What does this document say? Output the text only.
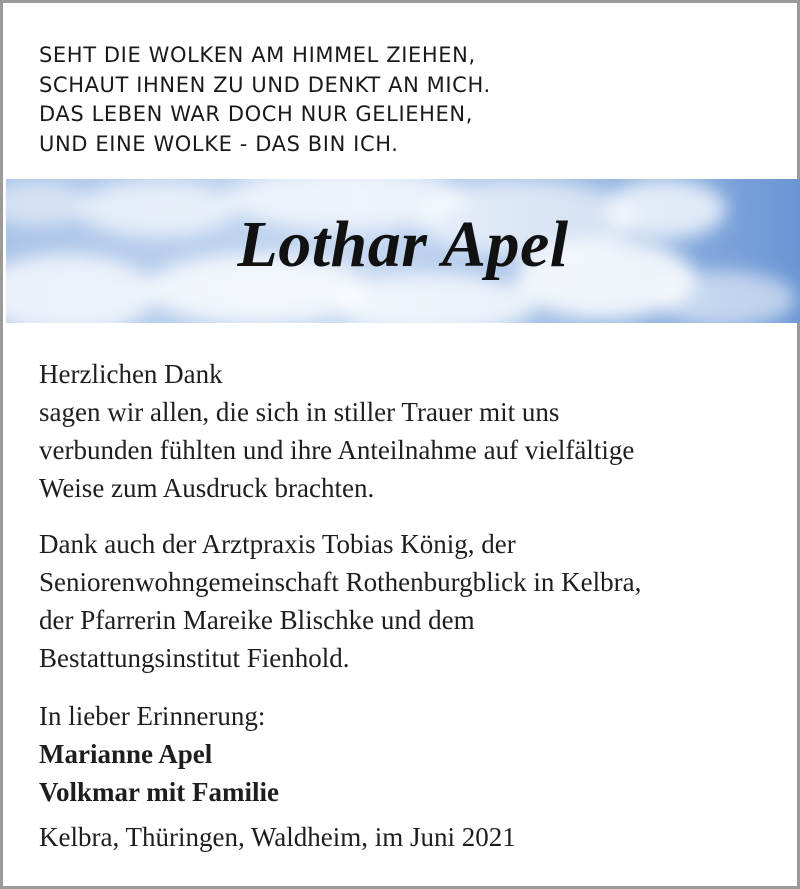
SEHT DIE WOLKEN AM HIMMEL ZIEHEN,
SCHAUT IHNEN ZU UND DENKT AN MICH.
DAS LEBEN WAR DOCH NUR GELIEHEN,
UND EINE WOLKE - DAS BIN ICH.
Lothar Apel
Herzlichen Dank
sagen wir allen, die sich in stiller Trauer mit uns
verbunden fühlten und ihre Anteilnahme auf vielfältige
Weise zum Ausdruck brachten.
Dank auch der Arztpraxis Tobias König, der
Seniorenwohngemeinschaft Rothenburgblick in Kelbra,
der Pfarrerin Mareike Blischke und dem
Bestattungsinstitut Fienhold.
In lieber Erinnerung:
Marianne Apel
Volkmar mit Familie
Kelbra, Thüringen, Waldheim, im Juni 2021
